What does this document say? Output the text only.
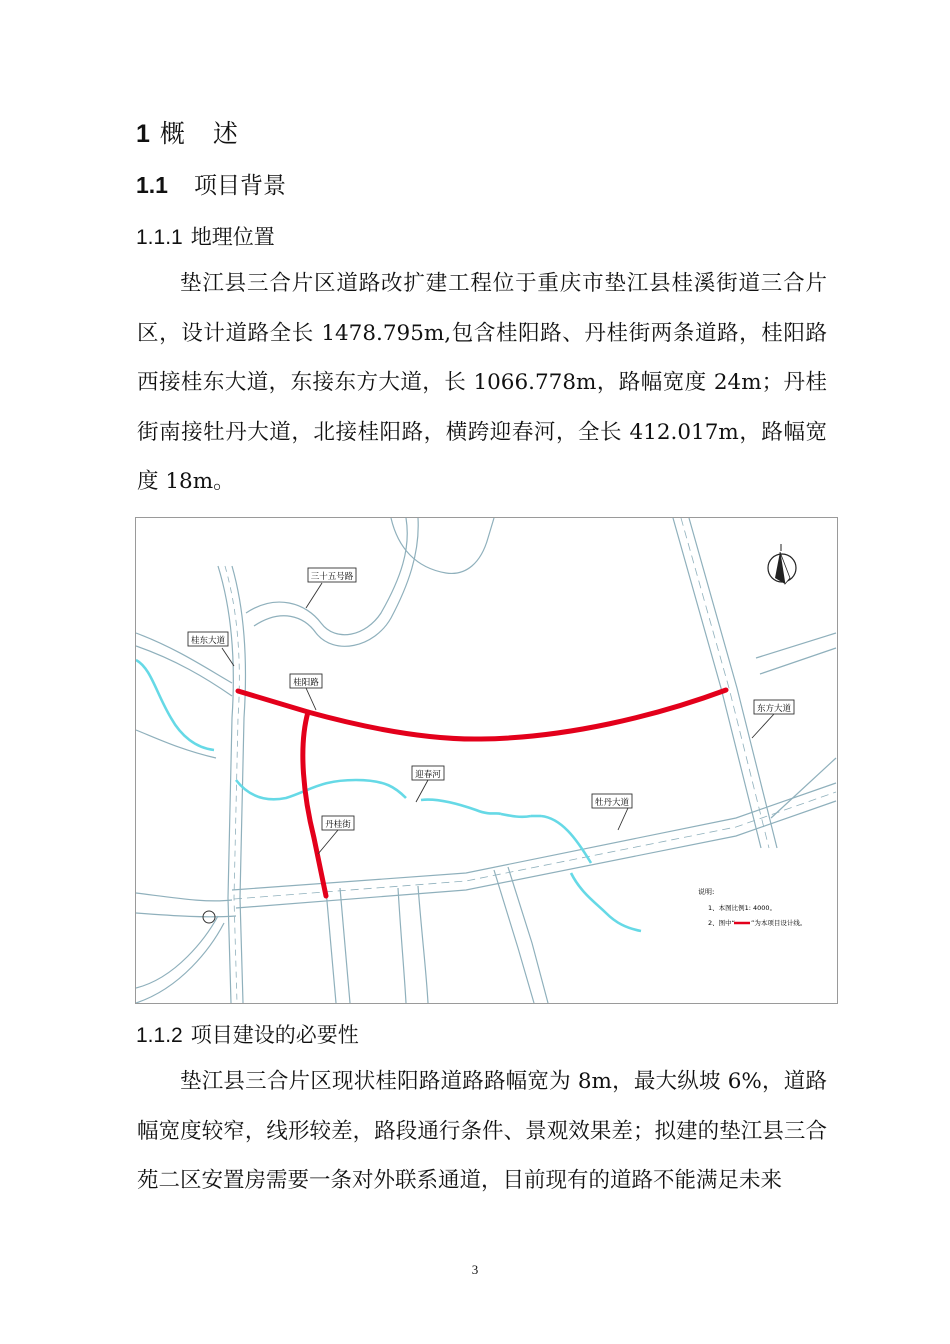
1 概 述
1.1 项目背景
1.1.1 地理位置

垫江县三合片区道路改扩建工程位于重庆市垫江县桂溪街道三合片区，设计道路全长 1478.795m,包含桂阳路、丹桂街两条道路，桂阳路西接桂东大道，东接东方大道，长 1066.778m，路幅宽度 24m；丹桂街南接牡丹大道，北接桂阳路，横跨迎春河，全长 412.017m，路幅宽度 18m。

三十五号路
桂东大道
桂阳路
东方大道
迎春河
牡丹大道
丹桂街
说明:
1、本图比例1: 4000。
2、图中“ ”为本项目设计线。
1.1.2 项目建设的必要性

垫江县三合片区现状桂阳路道路路幅宽为 8m，最大纵坡 6%，道路幅宽度较窄，线形较差，路段通行条件、景观效果差；拟建的垫江县三合苑二区安置房需要一条对外联系通道，目前现有的道路不能满足未来

3
